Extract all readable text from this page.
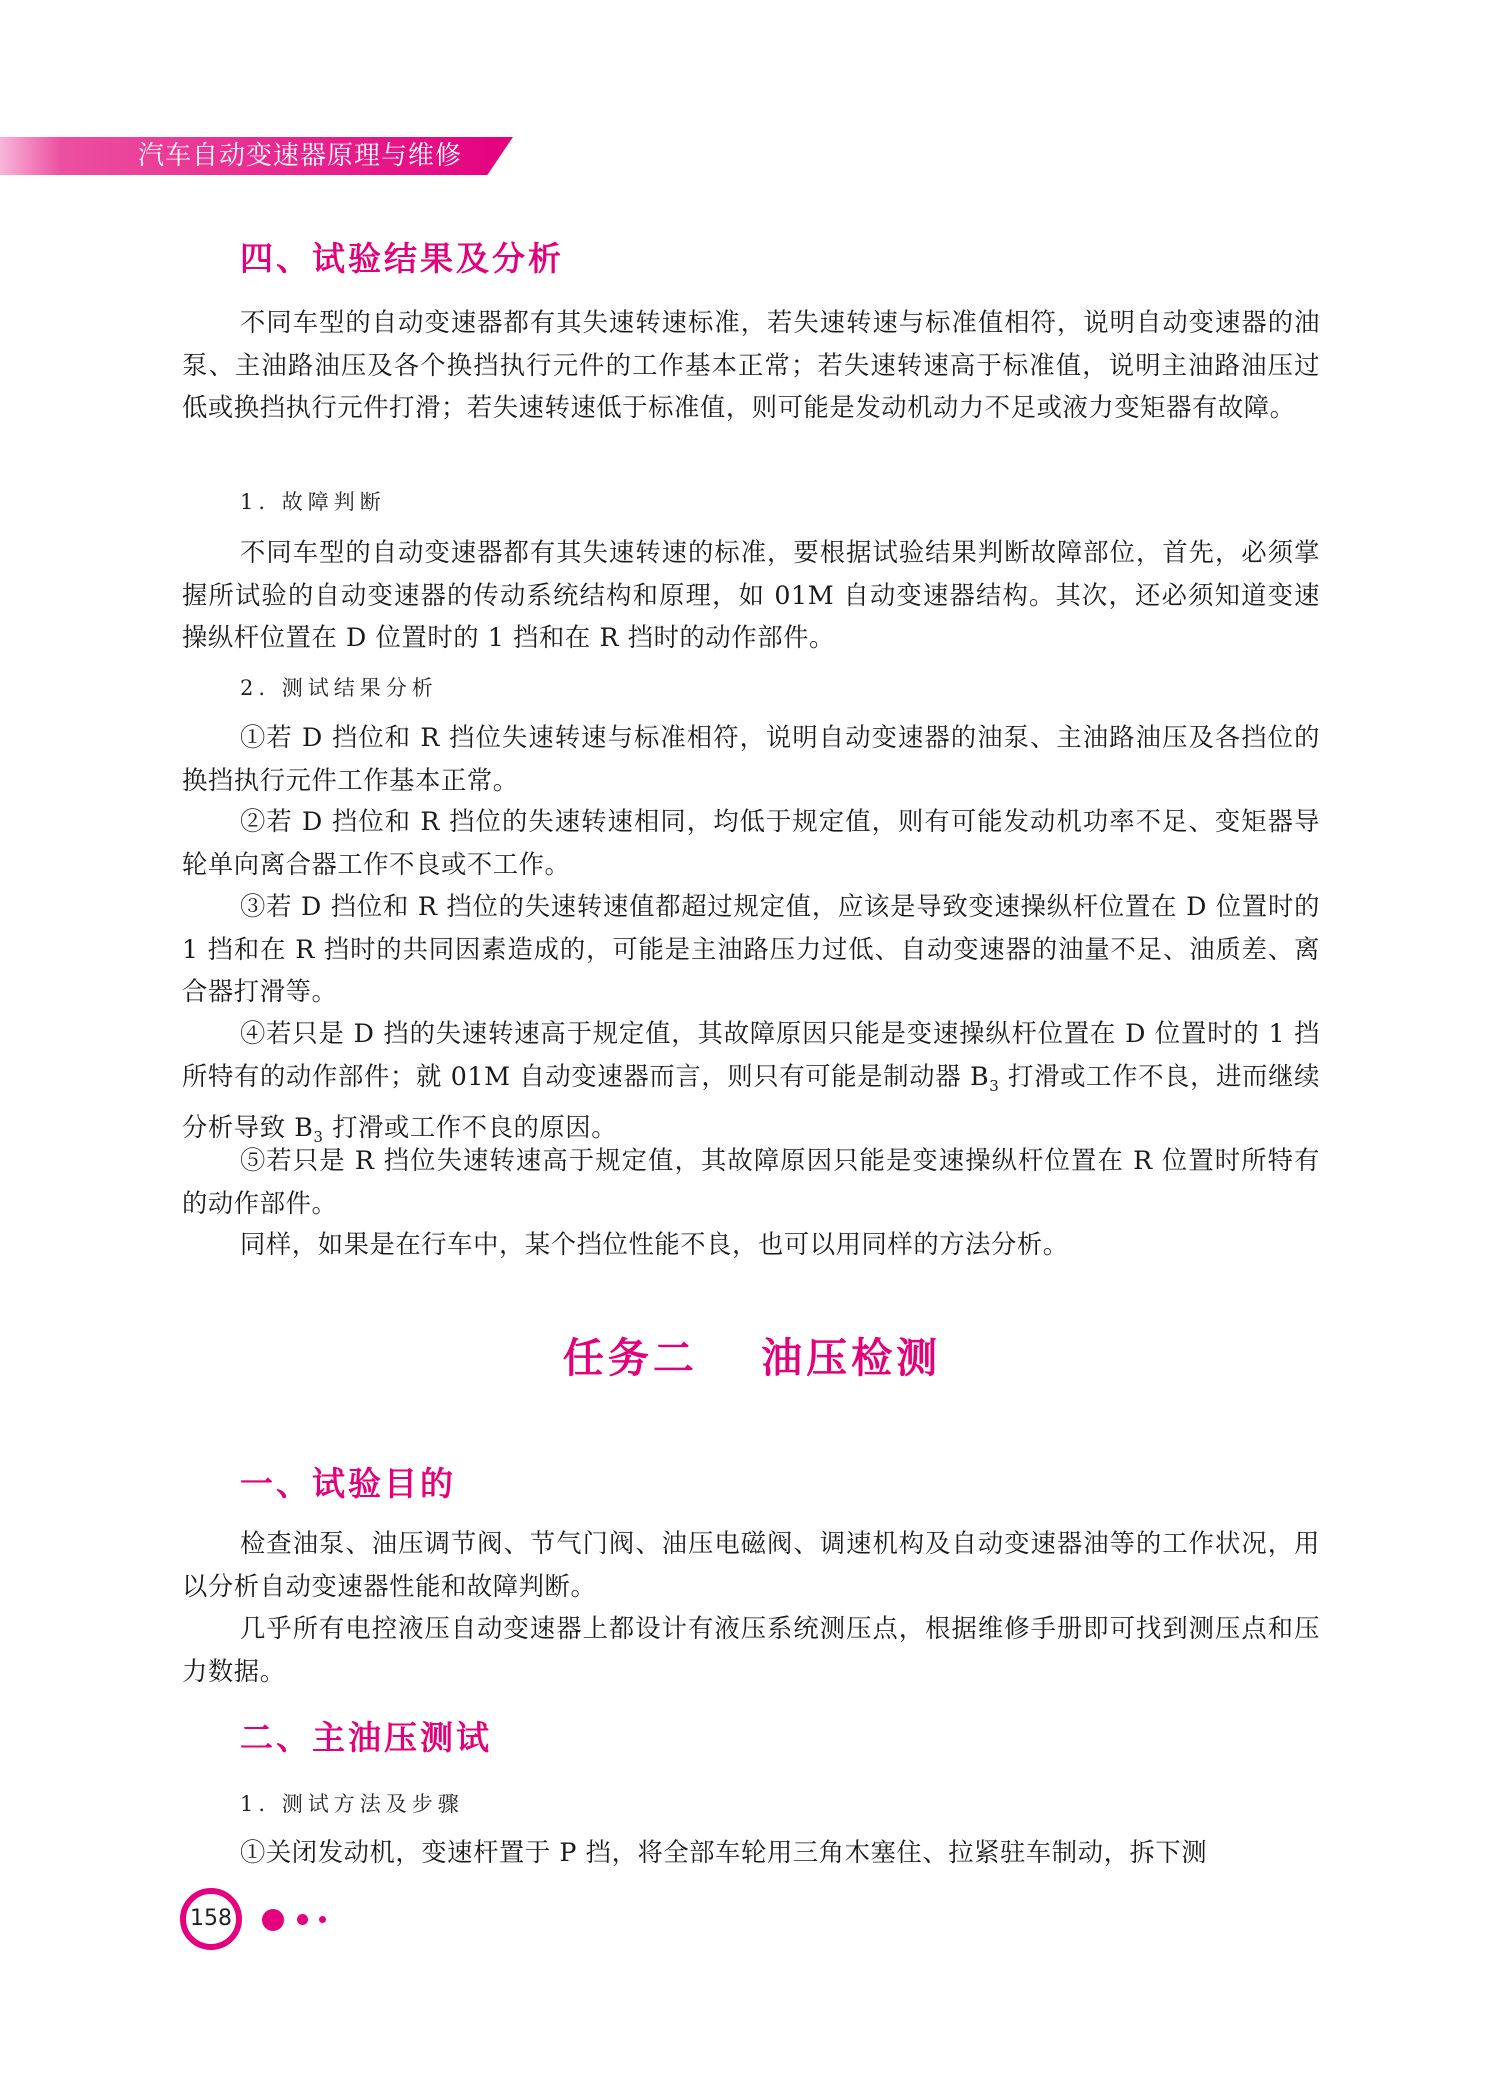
汽车自动变速器原理与维修
四、试验结果及分析
不同车型的自动变速器都有其失速转速标准，若失速转速与标准值相符，说明自动变速器的油泵、主油路油压及各个换挡执行元件的工作基本正常；若失速转速高于标准值，说明主油路油压过低或换挡执行元件打滑；若失速转速低于标准值，则可能是发动机动力不足或液力变矩器有故障。
1. 故障判断
不同车型的自动变速器都有其失速转速的标准，要根据试验结果判断故障部位，首先，必须掌握所试验的自动变速器的传动系统结构和原理，如 01M 自动变速器结构。其次，还必须知道变速操纵杆位置在 D 位置时的 1 挡和在 R 挡时的动作部件。
2. 测试结果分析
①若 D 挡位和 R 挡位失速转速与标准相符，说明自动变速器的油泵、主油路油压及各挡位的换挡执行元件工作基本正常。
②若 D 挡位和 R 挡位的失速转速相同，均低于规定值，则有可能发动机功率不足、变矩器导轮单向离合器工作不良或不工作。
③若 D 挡位和 R 挡位的失速转速值都超过规定值，应该是导致变速操纵杆位置在 D 位置时的 1 挡和在 R 挡时的共同因素造成的，可能是主油路压力过低、自动变速器的油量不足、油质差、离合器打滑等。
④若只是 D 挡的失速转速高于规定值，其故障原因只能是变速操纵杆位置在 D 位置时的 1 挡所特有的动作部件；就 01M 自动变速器而言，则只有可能是制动器 $B_3$ 打滑或工作不良，进而继续分析导致 $B_3$ 打滑或工作不良的原因。
⑤若只是 R 挡位失速转速高于规定值，其故障原因只能是变速操纵杆位置在 R 位置时所特有的动作部件。
同样，如果是在行车中，某个挡位性能不良，也可以用同样的方法分析。
任务二　 油压检测
一、试验目的
检查油泵、油压调节阀、节气门阀、油压电磁阀、调速机构及自动变速器油等的工作状况，用以分析自动变速器性能和故障判断。
几乎所有电控液压自动变速器上都设计有液压系统测压点，根据维修手册即可找到测压点和压力数据。
二、主油压测试
1. 测试方法及步骤
①关闭发动机，变速杆置于 P 挡，将全部车轮用三角木塞住、拉紧驻车制动，拆下测
158
